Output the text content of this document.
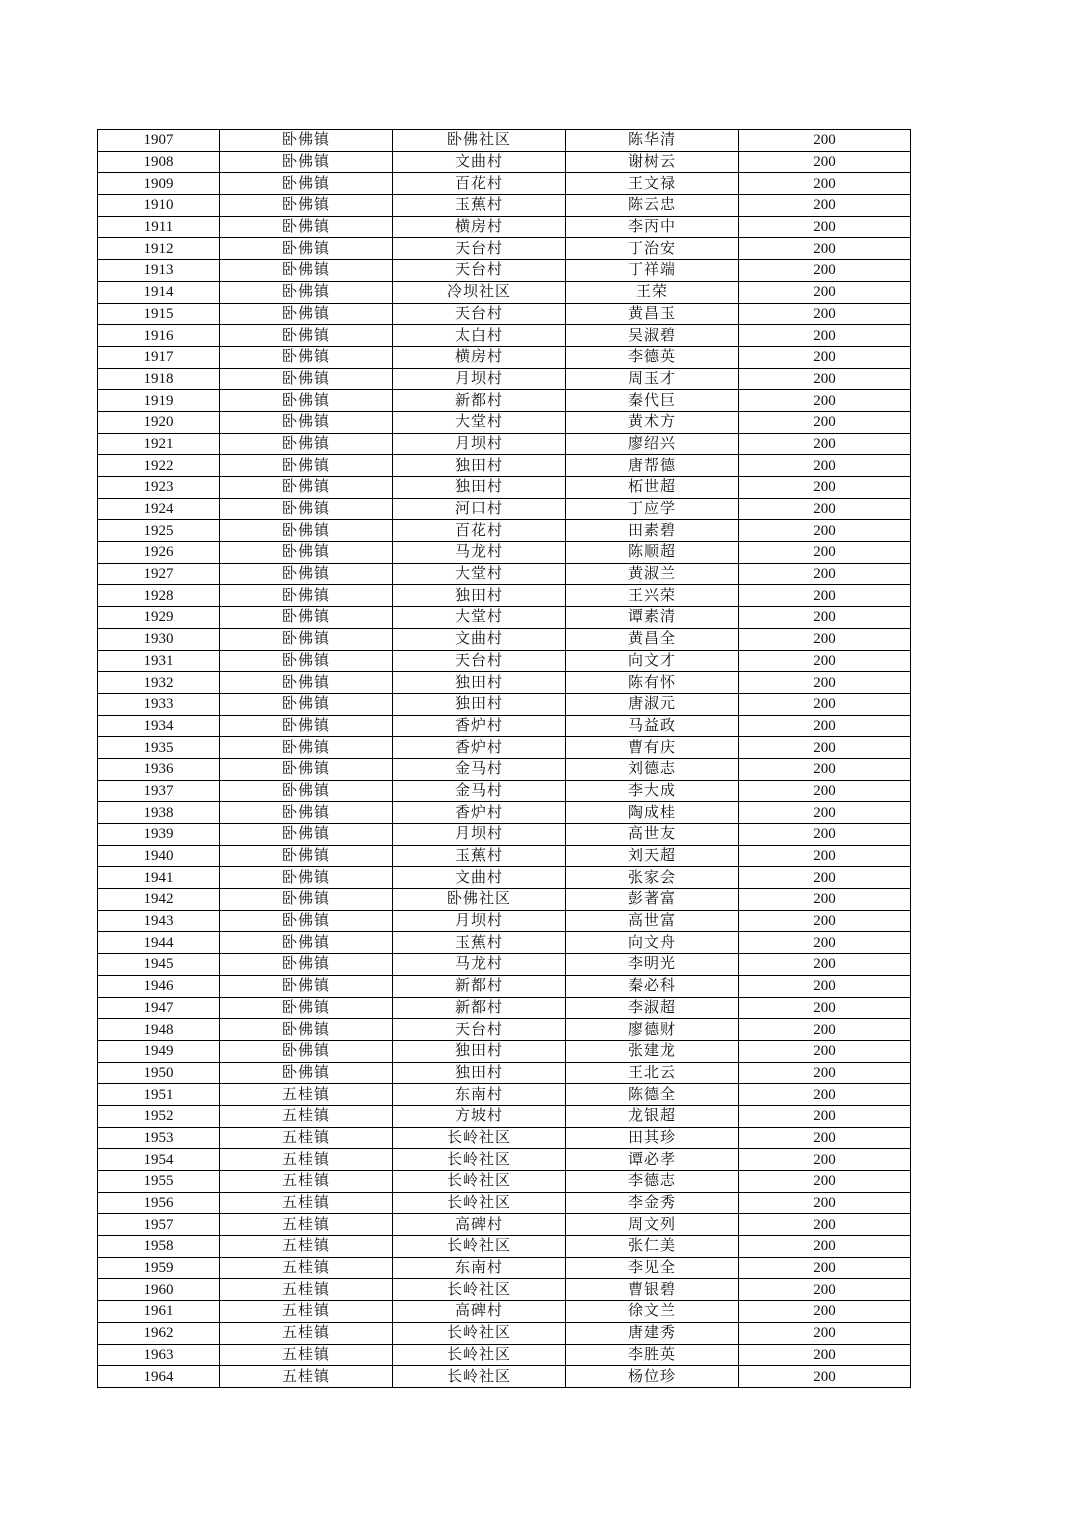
1907	卧佛镇	卧佛社区	陈华清	200
1908	卧佛镇	文曲村	谢树云	200
1909	卧佛镇	百花村	王文禄	200
1910	卧佛镇	玉蕉村	陈云忠	200
1911	卧佛镇	横房村	李丙中	200
1912	卧佛镇	天台村	丁治安	200
1913	卧佛镇	天台村	丁祥端	200
1914	卧佛镇	冷坝社区	王荣	200
1915	卧佛镇	天台村	黄昌玉	200
1916	卧佛镇	太白村	吴淑碧	200
1917	卧佛镇	横房村	李德英	200
1918	卧佛镇	月坝村	周玉才	200
1919	卧佛镇	新都村	秦代巨	200
1920	卧佛镇	大堂村	黄术方	200
1921	卧佛镇	月坝村	廖绍兴	200
1922	卧佛镇	独田村	唐帮德	200
1923	卧佛镇	独田村	柘世超	200
1924	卧佛镇	河口村	丁应学	200
1925	卧佛镇	百花村	田素碧	200
1926	卧佛镇	马龙村	陈顺超	200
1927	卧佛镇	大堂村	黄淑兰	200
1928	卧佛镇	独田村	王兴荣	200
1929	卧佛镇	大堂村	谭素清	200
1930	卧佛镇	文曲村	黄昌全	200
1931	卧佛镇	天台村	向文才	200
1932	卧佛镇	独田村	陈有怀	200
1933	卧佛镇	独田村	唐淑元	200
1934	卧佛镇	香炉村	马益政	200
1935	卧佛镇	香炉村	曹有庆	200
1936	卧佛镇	金马村	刘德志	200
1937	卧佛镇	金马村	李大成	200
1938	卧佛镇	香炉村	陶成桂	200
1939	卧佛镇	月坝村	高世友	200
1940	卧佛镇	玉蕉村	刘天超	200
1941	卧佛镇	文曲村	张家会	200
1942	卧佛镇	卧佛社区	彭著富	200
1943	卧佛镇	月坝村	高世富	200
1944	卧佛镇	玉蕉村	向文舟	200
1945	卧佛镇	马龙村	李明光	200
1946	卧佛镇	新都村	秦必科	200
1947	卧佛镇	新都村	李淑超	200
1948	卧佛镇	天台村	廖德财	200
1949	卧佛镇	独田村	张建龙	200
1950	卧佛镇	独田村	王北云	200
1951	五桂镇	东南村	陈德全	200
1952	五桂镇	方坡村	龙银超	200
1953	五桂镇	长岭社区	田其珍	200
1954	五桂镇	长岭社区	谭必孝	200
1955	五桂镇	长岭社区	李德志	200
1956	五桂镇	长岭社区	李金秀	200
1957	五桂镇	高碑村	周文列	200
1958	五桂镇	长岭社区	张仁美	200
1959	五桂镇	东南村	李见全	200
1960	五桂镇	长岭社区	曹银碧	200
1961	五桂镇	高碑村	徐文兰	200
1962	五桂镇	长岭社区	唐建秀	200
1963	五桂镇	长岭社区	李胜英	200
1964	五桂镇	长岭社区	杨位珍	200
